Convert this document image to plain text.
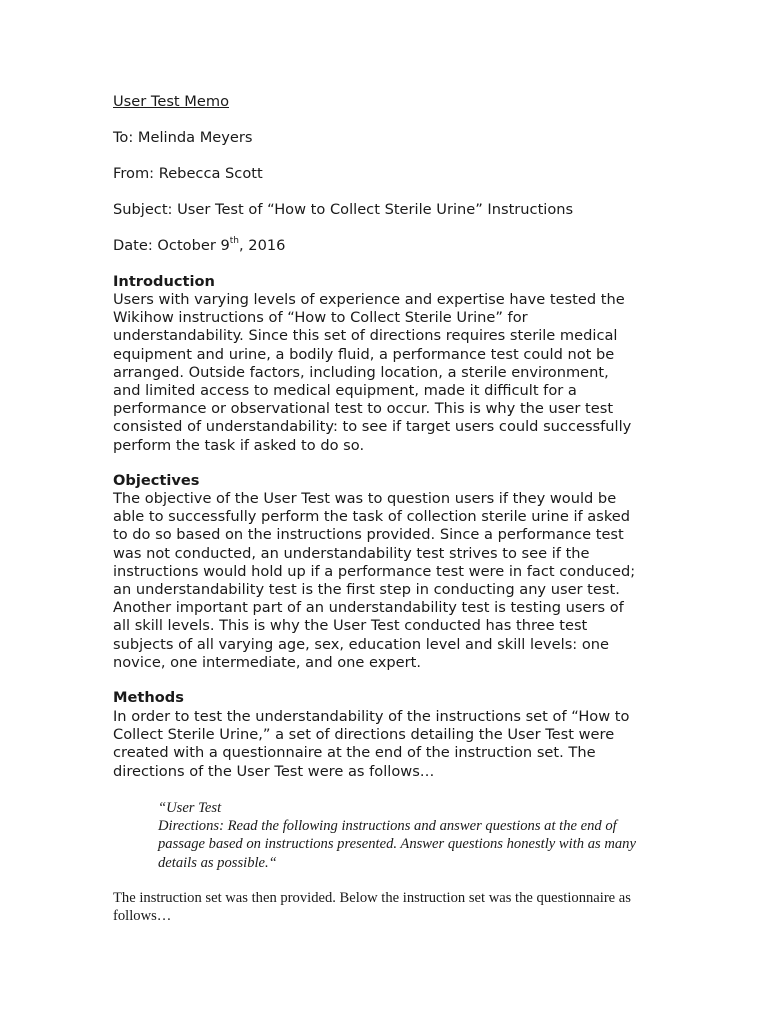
User Test Memo
To: Melinda Meyers
From: Rebecca Scott
Subject: User Test of “How to Collect Sterile Urine” Instructions
Date: October 9th, 2016
Introduction
Users with varying levels of experience and expertise have tested the
Wikihow instructions of “How to Collect Sterile Urine” for
understandability. Since this set of directions requires sterile medical
equipment and urine, a bodily fluid, a performance test could not be
arranged. Outside factors, including location, a sterile environment,
and limited access to medical equipment, made it difficult for a
performance or observational test to occur. This is why the user test
consisted of understandability: to see if target users could successfully
perform the task if asked to do so.
Objectives
The objective of the User Test was to question users if they would be
able to successfully perform the task of collection sterile urine if asked
to do so based on the instructions provided. Since a performance test
was not conducted, an understandability test strives to see if the
instructions would hold up if a performance test were in fact conduced;
an understandability test is the first step in conducting any user test.
Another important part of an understandability test is testing users of
all skill levels. This is why the User Test conducted has three test
subjects of all varying age, sex, education level and skill levels: one
novice, one intermediate, and one expert.
Methods
In order to test the understandability of the instructions set of “How to
Collect Sterile Urine,” a set of directions detailing the User Test were
created with a questionnaire at the end of the instruction set. The
directions of the User Test were as follows…
“User Test
Directions: Read the following instructions and answer questions at the end of
passage based on instructions presented. Answer questions honestly with as many
details as possible.“
The instruction set was then provided. Below the instruction set was the questionnaire as
follows…
